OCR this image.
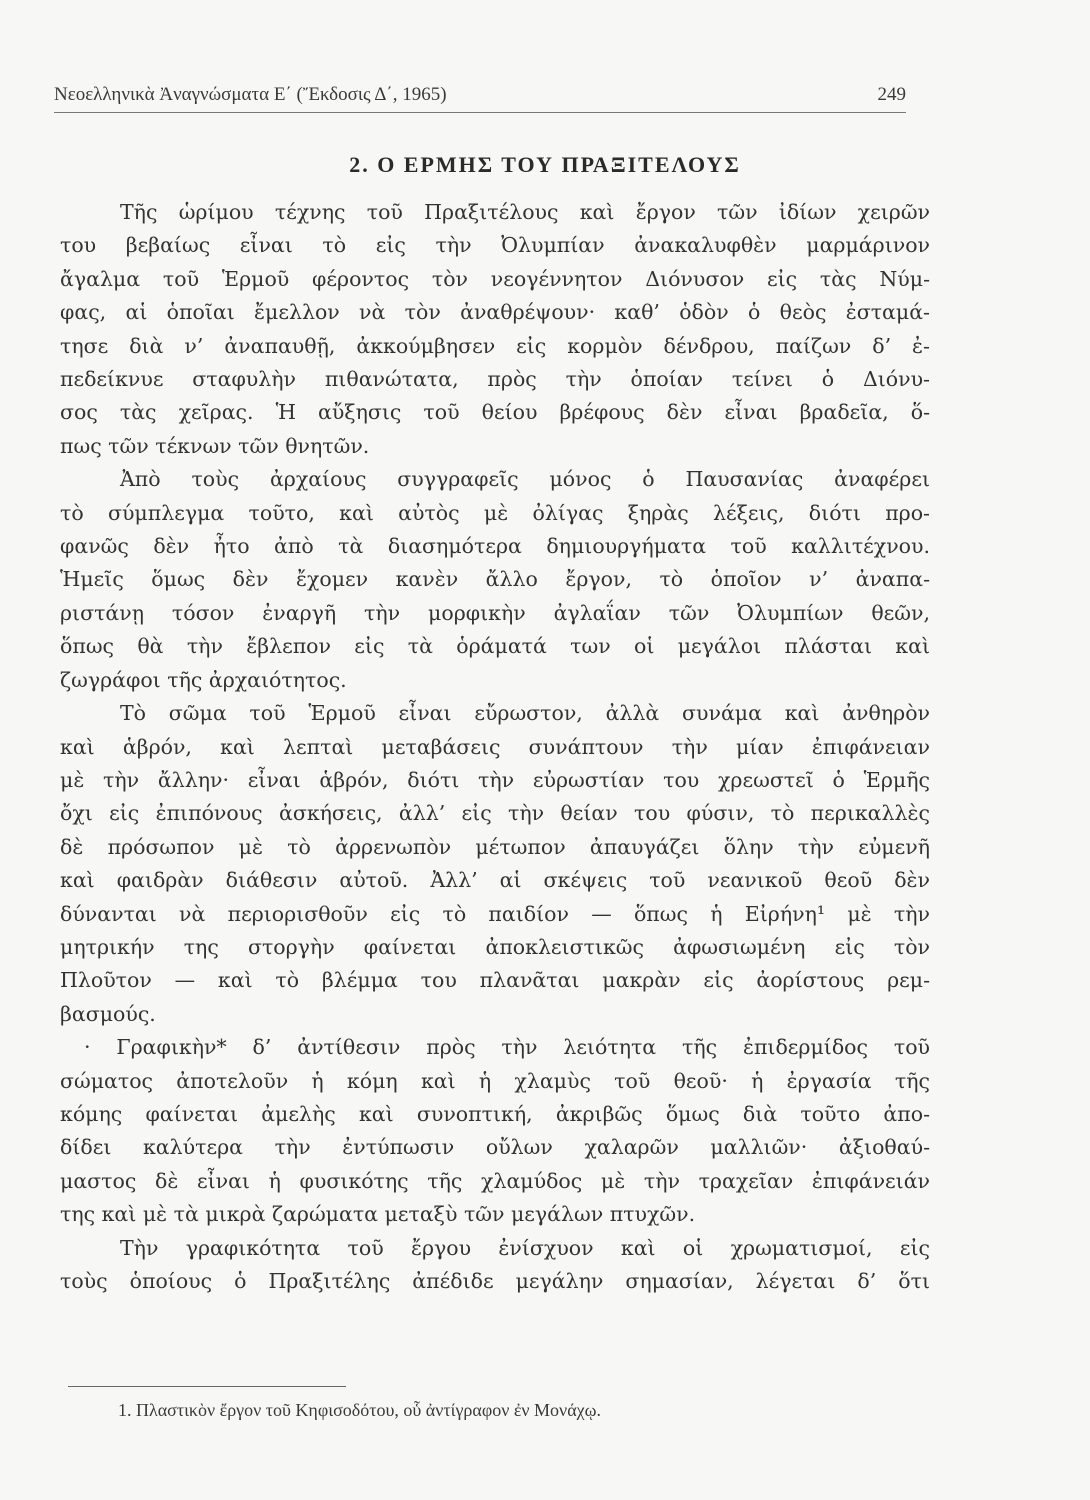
Νεοελληνικὰ Ἀναγνώσματα Ε΄ (Ἔκδοσις Δ΄, 1965)	249
2. Ο ΕΡΜΗΣ ΤΟΥ ΠΡΑΞΙΤΕΛΟΥΣ
Τῆς ὡρίμου τέχνης τοῦ Πραξιτέλους καὶ ἔργον τῶν ἰδίων χειρῶν
του βεβαίως εἶναι τὸ εἰς τὴν Ὀλυμπίαν ἀνακαλυφθὲν μαρμάρινον
ἄγαλμα τοῦ Ἑρμοῦ φέροντος τὸν νεογέννητον Διόνυσον εἰς τὰς Νύμ-
φας, αἱ ὁποῖαι ἔμελλον νὰ τὸν ἀναθρέψουν· καθ’ ὁδὸν ὁ θεὸς ἐσταμά-
τησε διὰ ν’ ἀναπαυθῇ, ἀκκούμβησεν εἰς κορμὸν δένδρου, παίζων δ’ ἐ-
πεδείκνυε σταφυλὴν πιθανώτατα, πρὸς τὴν ὁποίαν τείνει ὁ Διόνυ-
σος τὰς χεῖρας. Ἡ αὔξησις τοῦ θείου βρέφους δὲν εἶναι βραδεῖα, ὅ-
πως τῶν τέκνων τῶν θνητῶν.
Ἀπὸ τοὺς ἀρχαίους συγγραφεῖς μόνος ὁ Παυσανίας ἀναφέρει
τὸ σύμπλεγμα τοῦτο, καὶ αὐτὸς μὲ ὀλίγας ξηρὰς λέξεις, διότι προ-
φανῶς δὲν ἦτο ἀπὸ τὰ διασημότερα δημιουργήματα τοῦ καλλιτέχνου.
Ἡμεῖς ὅμως δὲν ἔχομεν κανὲν ἄλλο ἔργον, τὸ ὁποῖον ν’ ἀναπα-
ριστάνῃ τόσον ἐναργῆ τὴν μορφικὴν ἀγλαΐαν τῶν Ὀλυμπίων θεῶν,
ὅπως θὰ τὴν ἔβλεπον εἰς τὰ ὁράματά των οἱ μεγάλοι πλάσται καὶ
ζωγράφοι τῆς ἀρχαιότητος.
Τὸ σῶμα τοῦ Ἑρμοῦ εἶναι εὔρωστον, ἀλλὰ συνάμα καὶ ἀνθηρὸν
καὶ ἁβρόν, καὶ λεπταὶ μεταβάσεις συνάπτουν τὴν μίαν ἐπιφάνειαν
μὲ τὴν ἄλλην· εἶναι ἁβρόν, διότι τὴν εὐρωστίαν του χρεωστεῖ ὁ Ἑρμῆς
ὄχι εἰς ἐπιπόνους ἀσκήσεις, ἀλλ’ εἰς τὴν θείαν του φύσιν, τὸ περικαλλὲς
δὲ πρόσωπον μὲ τὸ ἀρρενωπὸν μέτωπον ἀπαυγάζει ὅλην τὴν εὐμενῆ
καὶ φαιδρὰν διάθεσιν αὐτοῦ. Ἀλλ’ αἱ σκέψεις τοῦ νεανικοῦ θεοῦ δὲν
δύνανται νὰ περιορισθοῦν εἰς τὸ παιδίον — ὅπως ἡ Εἰρήνη¹ μὲ τὴν
μητρικήν της στοργὴν φαίνεται ἀποκλειστικῶς ἀφωσιωμένη εἰς τὸν
Πλοῦτον — καὶ τὸ βλέμμα του πλανᾶται μακρὰν εἰς ἀορίστους ρεμ-
βασμούς.
· Γραφικὴν* δ’ ἀντίθεσιν πρὸς τὴν λειότητα τῆς ἐπιδερμίδος τοῦ
σώματος ἀποτελοῦν ἡ κόμη καὶ ἡ χλαμὺς τοῦ θεοῦ· ἡ ἐργασία τῆς
κόμης φαίνεται ἀμελὴς καὶ συνοπτική, ἀκριβῶς ὅμως διὰ τοῦτο ἀπο-
δίδει καλύτερα τὴν ἐντύπωσιν οὔλων χαλαρῶν μαλλιῶν· ἀξιοθαύ-
μαστος δὲ εἶναι ἡ φυσικότης τῆς χλαμύδος μὲ τὴν τραχεῖαν ἐπιφάνειάν
της καὶ μὲ τὰ μικρὰ ζαρώματα μεταξὺ τῶν μεγάλων πτυχῶν.
Τὴν γραφικότητα τοῦ ἔργου ἐνίσχυον καὶ οἱ χρωματισμοί, εἰς
τοὺς ὁποίους ὁ Πραξιτέλης ἀπέδιδε μεγάλην σημασίαν, λέγεται δ’ ὅτι
1. Πλαστικὸν ἔργον τοῦ Κηφισοδότου, οὗ ἀντίγραφον ἐν Μονάχῳ.
